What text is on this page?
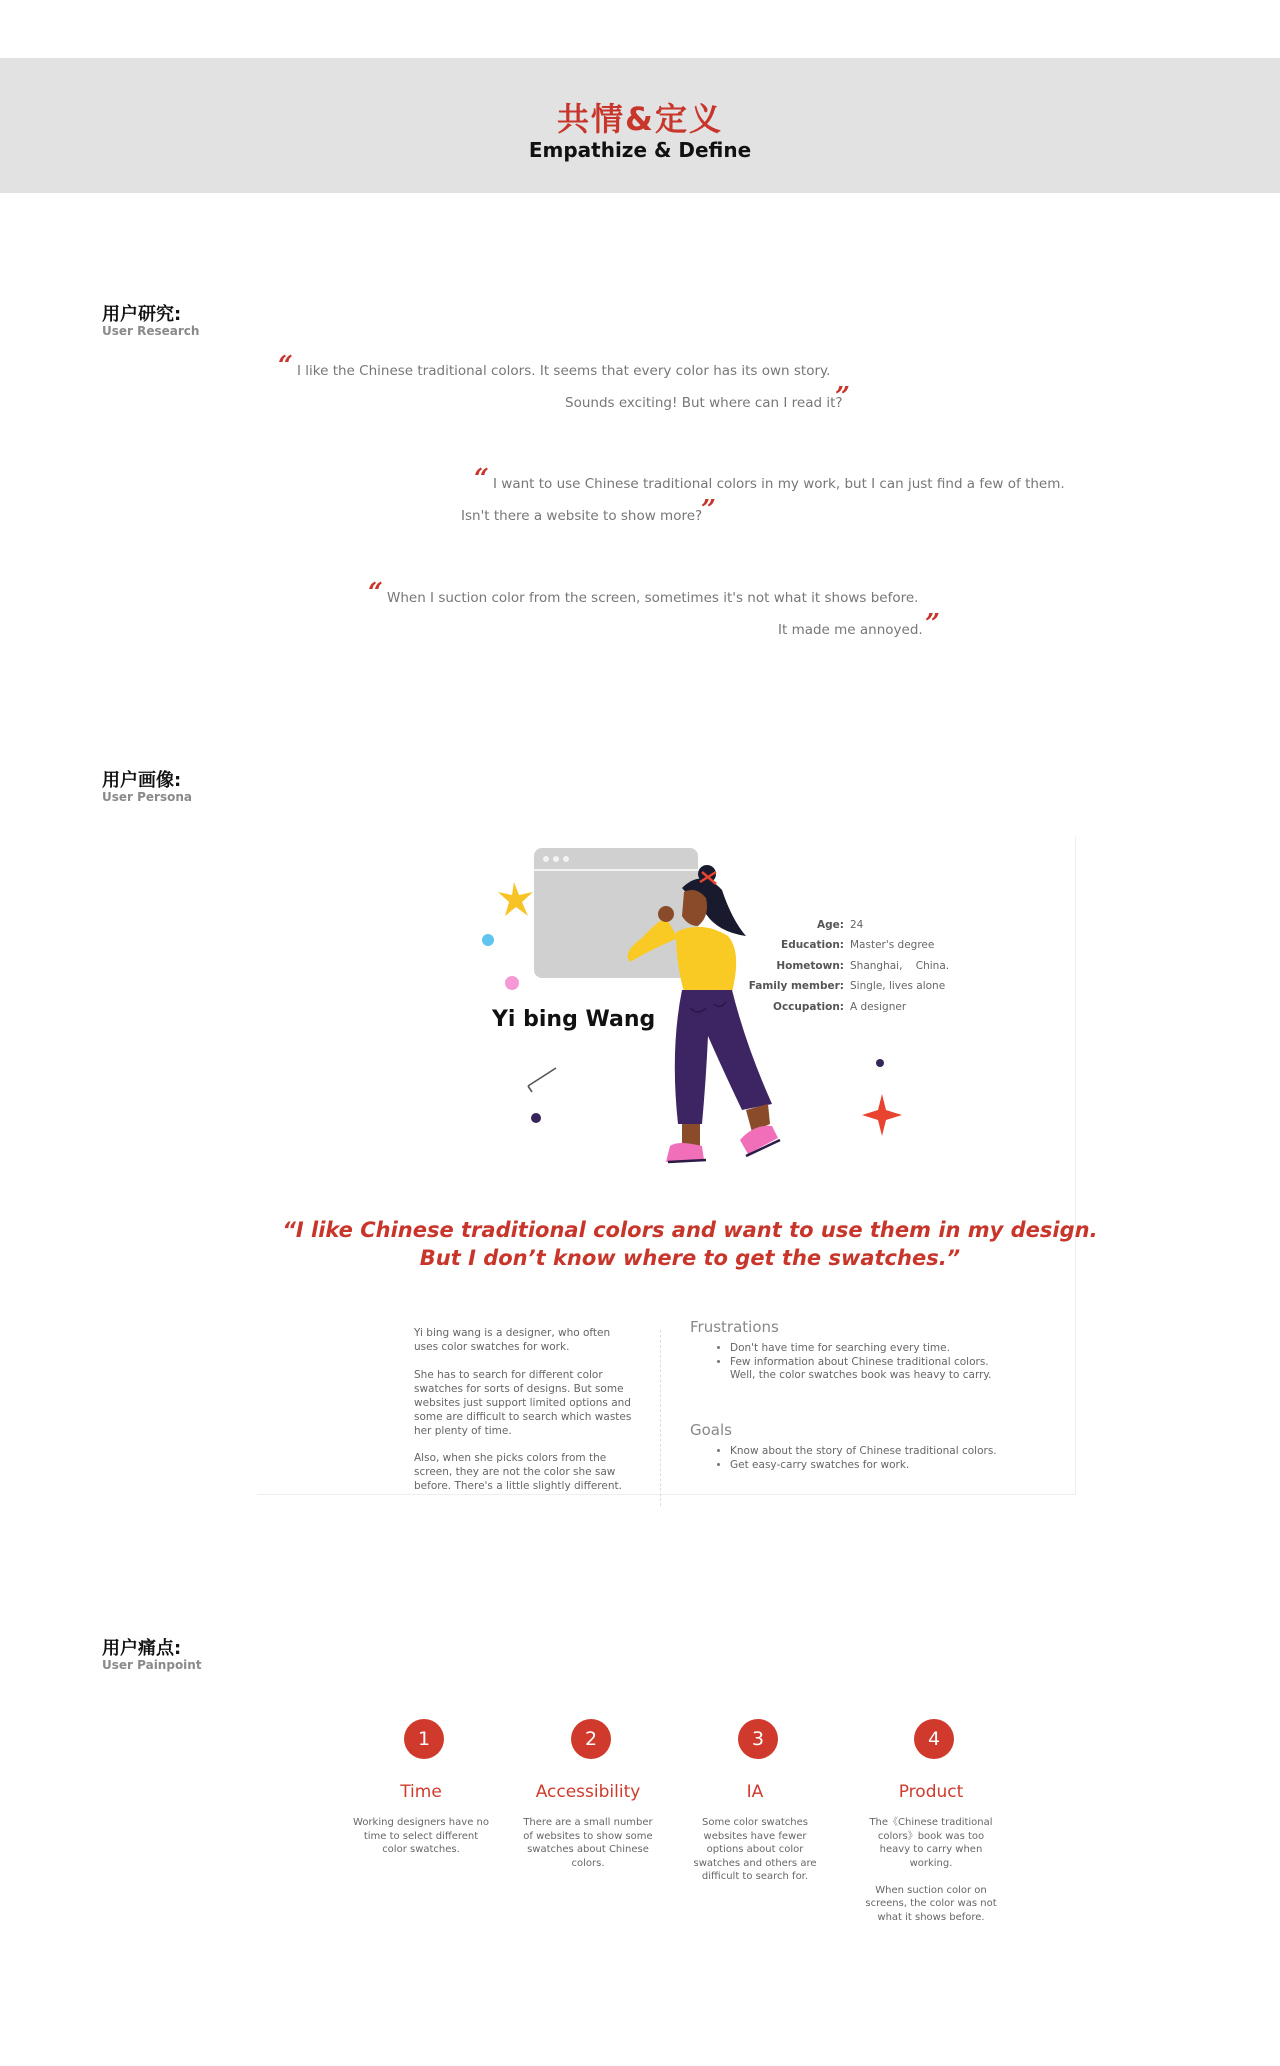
共情&定义
Empathize & Define
用户研究:
User Research
“ I like the Chinese traditional colors. It seems that every color has its own story.
Sounds exciting! But where can I read it?
”
“ I want to use Chinese traditional colors in my work, but I can just find a few of them.
Isn't there a website to show more?
”
“ When I suction color from the screen, sometimes it's not what it shows before.
It made me annoyed. ”
用户画像:
User Persona
Yi bing Wang
Age: 24
Education: Master's degree
Hometown: Shanghai,    China.
Family member: Single, lives alone
Occupation: A designer
“I like Chinese traditional colors and want to use them in my design.
But I don’t know where to get the swatches.”

Yi bing wang is a designer, who often uses color swatches for work.

She has to search for different color swatches for sorts of designs. But some websites just support limited options and some are difficult to search which wastes her plenty of time.

Also, when she picks colors from the screen, they are not the color she saw before. There's a little slightly different.

Frustrations
• Don't have time for searching every time.
• Few information about Chinese traditional colors. Well, the color swatches book was heavy to carry.
Goals
• Know about the story of Chinese traditional colors.
• Get easy-carry swatches for work.
用户痛点:
User Painpoint
1
Time
Working designers have no time to select different color swatches.
2
Accessibility
There are a small number of websites to show some swatches about Chinese colors.
3
IA
Some color swatches websites have fewer options about color swatches and others are difficult to search for.
4
Product
The《Chinese traditional colors》book was too heavy to carry when working.

When suction color on screens, the color was not what it shows before.
